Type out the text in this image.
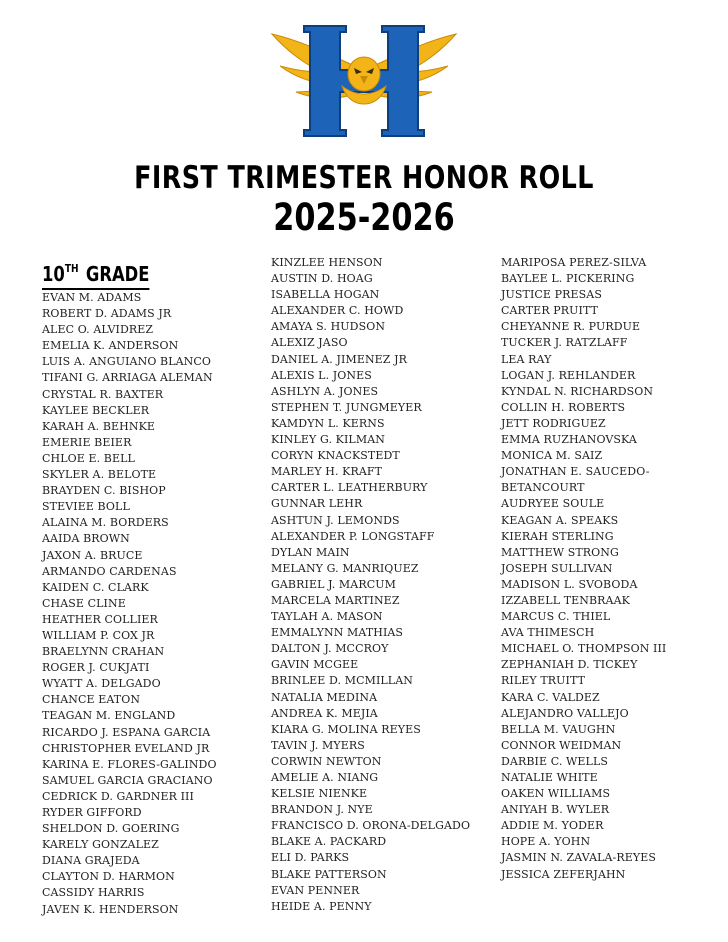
FIRST TRIMESTER HONOR ROLL
2025-2026
10TH GRADE
EVAN M. ADAMS
ROBERT D. ADAMS JR
ALEC O. ALVIDREZ
EMELIA K. ANDERSON
LUIS A. ANGUIANO BLANCO
TIFANI G. ARRIAGA ALEMAN
CRYSTAL R. BAXTER
KAYLEE BECKLER
KARAH A. BEHNKE
EMERIE BEIER
CHLOE E. BELL
SKYLER A. BELOTE
BRAYDEN C. BISHOP
STEVIEE BOLL
ALAINA M. BORDERS
AAIDA BROWN
JAXON A. BRUCE
ARMANDO CARDENAS
KAIDEN C. CLARK
CHASE CLINE
HEATHER COLLIER
WILLIAM P. COX JR
BRAELYNN CRAHAN
ROGER J. CUKJATI
WYATT A. DELGADO
CHANCE EATON
TEAGAN M. ENGLAND
RICARDO J. ESPANA GARCIA
CHRISTOPHER EVELAND JR
KARINA E. FLORES-GALINDO
SAMUEL GARCIA GRACIANO
CEDRICK D. GARDNER III
RYDER GIFFORD
SHELDON D. GOERING
KARELY GONZALEZ
DIANA GRAJEDA
CLAYTON D. HARMON
CASSIDY HARRIS
JAVEN K. HENDERSON
KINZLEE HENSON
AUSTIN D. HOAG
ISABELLA HOGAN
ALEXANDER C. HOWD
AMAYA S. HUDSON
ALEXIZ JASO
DANIEL A. JIMENEZ JR
ALEXIS L. JONES
ASHLYN A. JONES
STEPHEN T. JUNGMEYER
KAMDYN L. KERNS
KINLEY G. KILMAN
CORYN KNACKSTEDT
MARLEY H. KRAFT
CARTER L. LEATHERBURY
GUNNAR LEHR
ASHTUN J. LEMONDS
ALEXANDER P. LONGSTAFF
DYLAN MAIN
MELANY G. MANRIQUEZ
GABRIEL J. MARCUM
MARCELA MARTINEZ
TAYLAH A. MASON
EMMALYNN MATHIAS
DALTON J. MCCROY
GAVIN MCGEE
BRINLEE D. MCMILLAN
NATALIA MEDINA
ANDREA K. MEJIA
KIARA G. MOLINA REYES
TAVIN J. MYERS
CORWIN NEWTON
AMELIE A. NIANG
KELSIE NIENKE
BRANDON J. NYE
FRANCISCO D. ORONA-DELGADO
BLAKE A. PACKARD
ELI D. PARKS
BLAKE PATTERSON
EVAN PENNER
HEIDE A. PENNY
MARIPOSA PEREZ-SILVA
BAYLEE L. PICKERING
JUSTICE PRESAS
CARTER PRUITT
CHEYANNE R. PURDUE
TUCKER J. RATZLAFF
LEA RAY
LOGAN J. REHLANDER
KYNDAL N. RICHARDSON
COLLIN H. ROBERTS
JETT RODRIGUEZ
EMMA RUZHANOVSKA
MONICA M. SAIZ
JONATHAN E. SAUCEDO-
BETANCOURT
AUDRYEE SOULE
KEAGAN A. SPEAKS
KIERAH STERLING
MATTHEW STRONG
JOSEPH SULLIVAN
MADISON L. SVOBODA
IZZABELL TENBRAAK
MARCUS C. THIEL
AVA THIMESCH
MICHAEL O. THOMPSON III
ZEPHANIAH D. TICKEY
RILEY TRUITT
KARA C. VALDEZ
ALEJANDRO VALLEJO
BELLA M. VAUGHN
CONNOR WEIDMAN
DARBIE C. WELLS
NATALIE WHITE
OAKEN WILLIAMS
ANIYAH B. WYLER
ADDIE M. YODER
HOPE A. YOHN
JASMIN N. ZAVALA-REYES
JESSICA ZEFERJAHN
